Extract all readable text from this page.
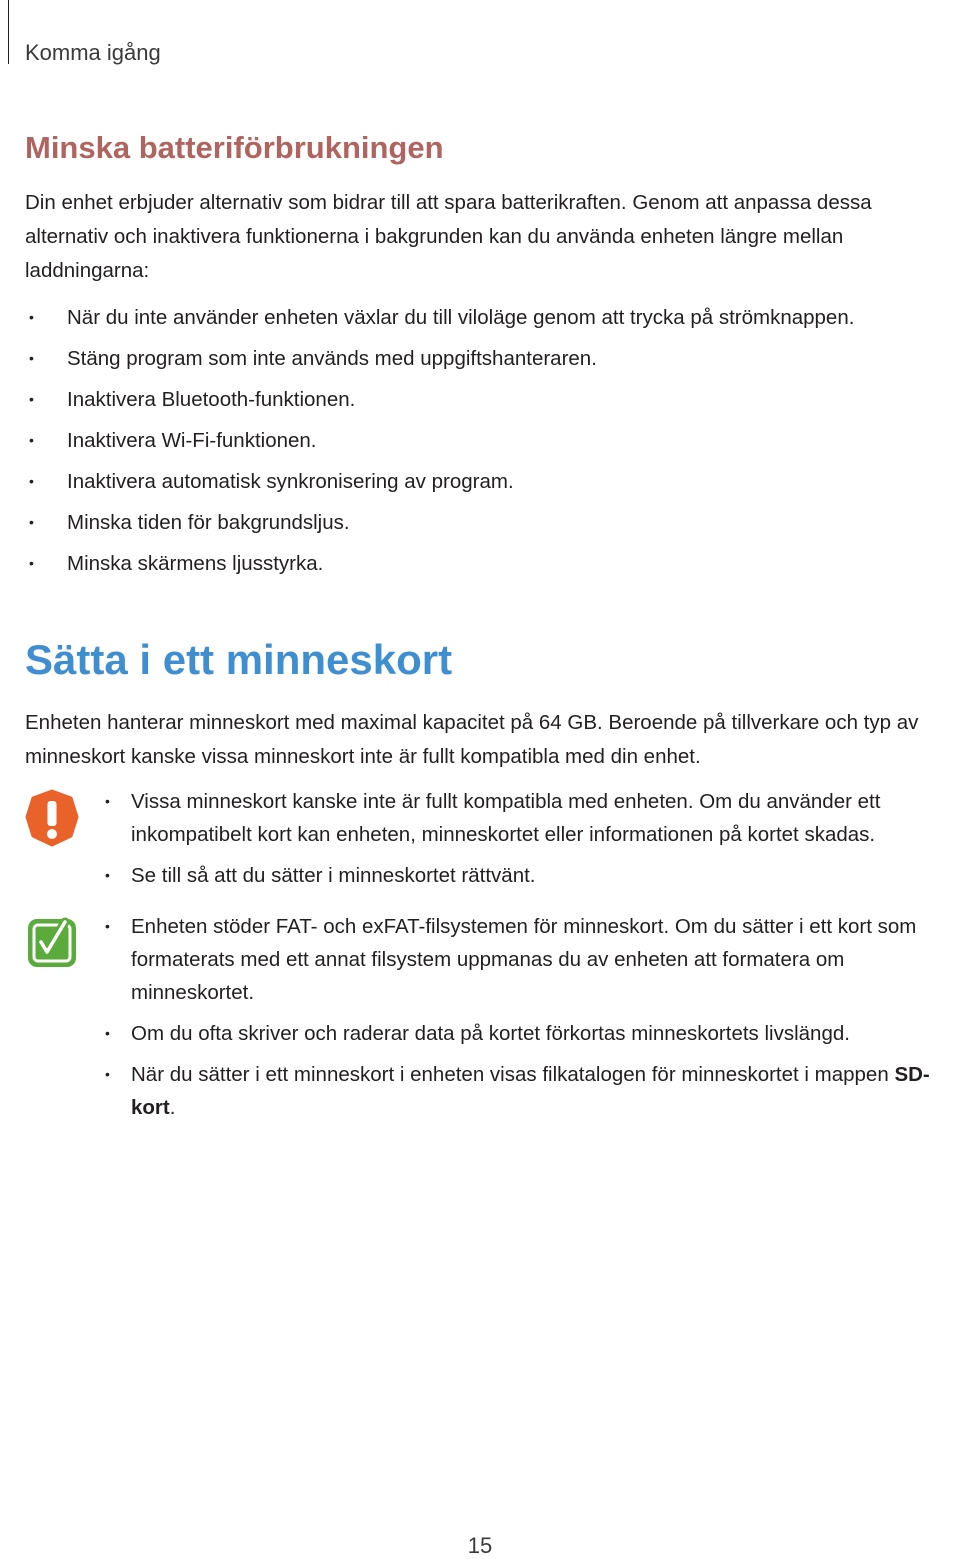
Komma igång
Minska batteriförbrukningen

Din enhet erbjuder alternativ som bidrar till att spara batterikraften. Genom att anpassa dessa alternativ och inaktivera funktionerna i bakgrunden kan du använda enheten längre mellan laddningarna:

• När du inte använder enheten växlar du till viloläge genom att trycka på strömknappen.
• Stäng program som inte används med uppgiftshanteraren.
• Inaktivera Bluetooth-funktionen.
• Inaktivera Wi-Fi-funktionen.
• Inaktivera automatisk synkronisering av program.
• Minska tiden för bakgrundsljus.
• Minska skärmens ljusstyrka.
Sätta i ett minneskort

Enheten hanterar minneskort med maximal kapacitet på 64 GB. Beroende på tillverkare och typ av minneskort kanske vissa minneskort inte är fullt kompatibla med din enhet.

• Vissa minneskort kanske inte är fullt kompatibla med enheten. Om du använder ett inkompatibelt kort kan enheten, minneskortet eller informationen på kortet skadas.
• Se till så att du sätter i minneskortet rättvänt.
• Enheten stöder FAT- och exFAT-filsystemen för minneskort. Om du sätter i ett kort som formaterats med ett annat filsystem uppmanas du av enheten att formatera om minneskortet.
• Om du ofta skriver och raderar data på kortet förkortas minneskortets livslängd.
• När du sätter i ett minneskort i enheten visas filkatalogen för minneskortet i mappen SD-kort.
15
